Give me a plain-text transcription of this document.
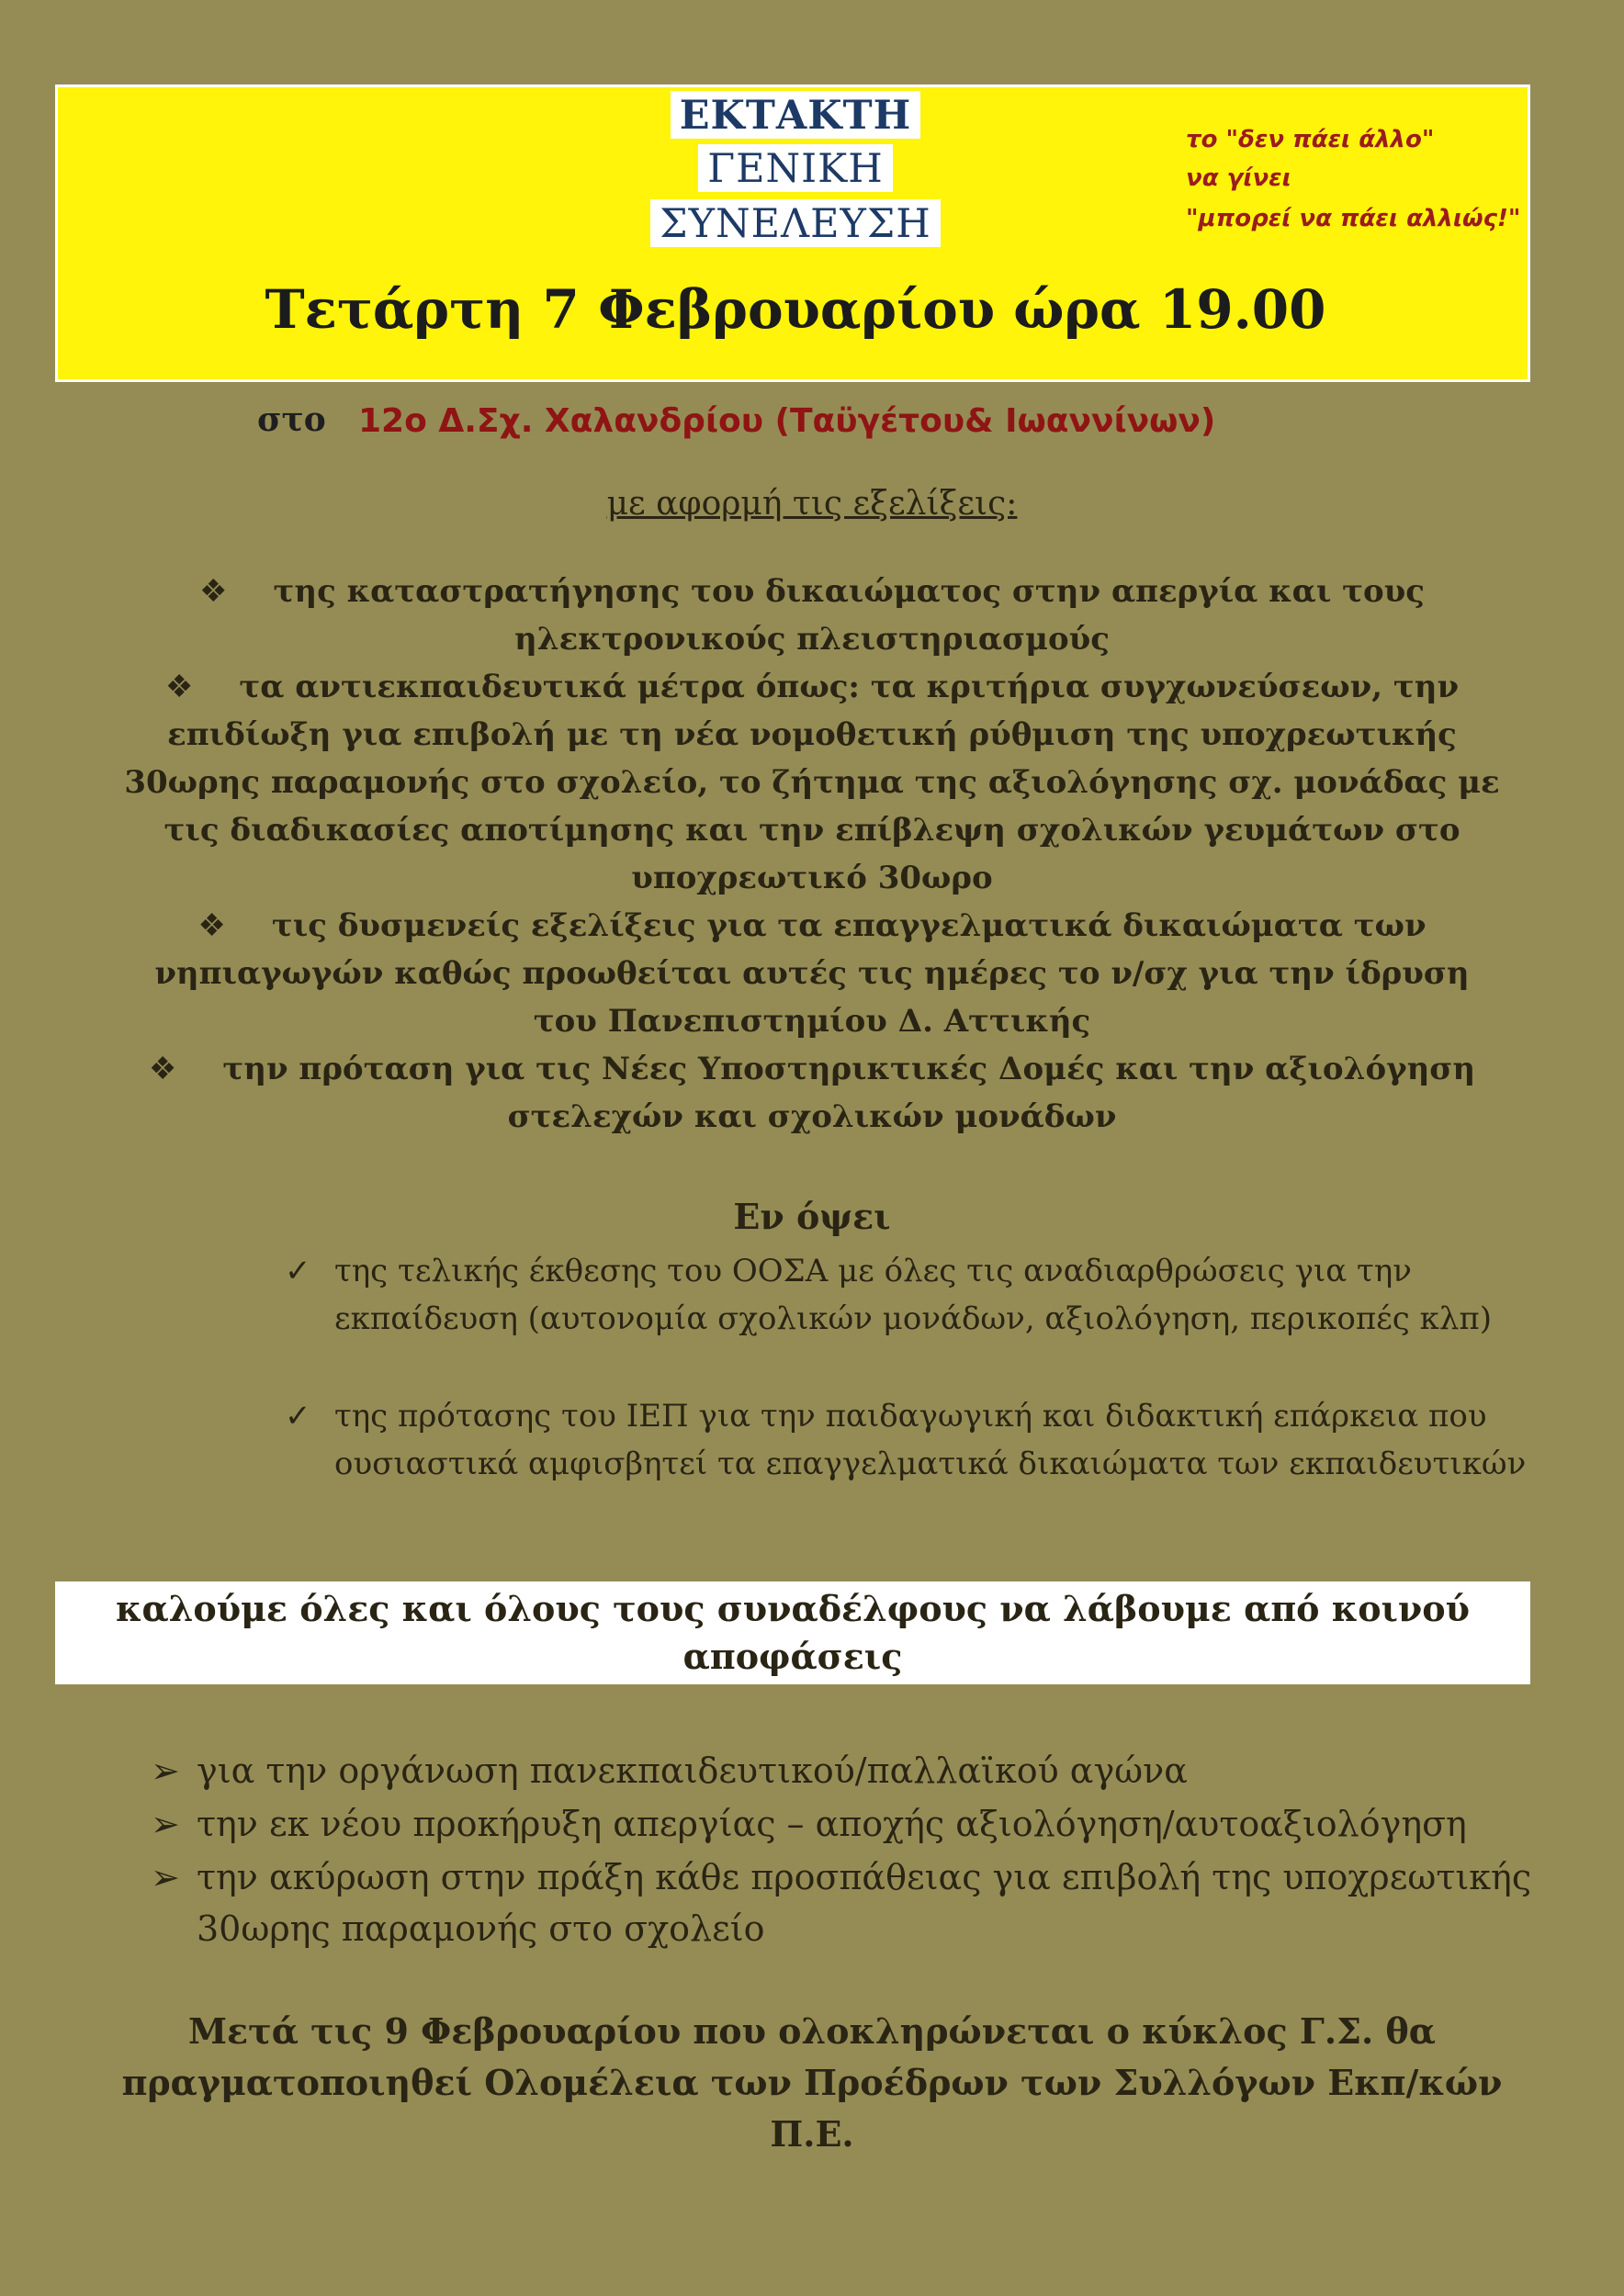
ΕΚΤΑΚΤΗ
ΓΕΝΙΚΗ
ΣΥΝΕΛΕΥΣΗ
το "δεν πάει άλλο"
να γίνει
"μπορεί να πάει αλλιώς!"
Τετάρτη 7 Φεβρουαρίου ώρα 19.00
στο 12ο Δ.Σχ. Χαλανδρίου (Ταϋγέτου& Ιωαννίνων)
με αφορμή τις εξελίξεις:
❖ της καταστρατήγησης του δικαιώματος στην απεργία και τους ηλεκτρονικούς πλειστηριασμούς
❖ τα αντιεκπαιδευτικά μέτρα όπως: τα κριτήρια συγχωνεύσεων, την επιδίωξη για επιβολή με τη νέα νομοθετική ρύθμιση της υποχρεωτικής 30ωρης παραμονής στο σχολείο, το ζήτημα της αξιολόγησης σχ. μονάδας με τις διαδικασίες αποτίμησης και την επίβλεψη σχολικών γευμάτων στο υποχρεωτικό 30ωρο
❖ τις δυσμενείς εξελίξεις για τα επαγγελματικά δικαιώματα των νηπιαγωγών καθώς προωθείται αυτές τις ημέρες το ν/σχ για την ίδρυση του Πανεπιστημίου Δ. Αττικής
❖ την πρόταση για τις Νέες Υποστηρικτικές Δομές και την αξιολόγηση στελεχών και σχολικών μονάδων
Εν όψει
✓ της τελικής έκθεσης του ΟΟΣΑ με όλες τις αναδιαρθρώσεις για την εκπαίδευση (αυτονομία σχολικών μονάδων, αξιολόγηση, περικοπές κλπ)
✓ της πρότασης του ΙΕΠ για την παιδαγωγική και διδακτική επάρκεια που ουσιαστικά αμφισβητεί τα επαγγελματικά δικαιώματα των εκπαιδευτικών
καλούμε όλες και όλους τους συναδέλφους να λάβουμε από κοινού αποφάσεις
➢ για την οργάνωση πανεκπαιδευτικού/παλλαϊκού αγώνα
➢ την εκ νέου προκήρυξη απεργίας – αποχής αξιολόγηση/αυτοαξιολόγηση
➢ την ακύρωση στην πράξη κάθε προσπάθειας για επιβολή της υποχρεωτικής 30ωρης παραμονής στο σχολείο
Μετά τις 9 Φεβρουαρίου που ολοκληρώνεται ο κύκλος Γ.Σ. θα πραγματοποιηθεί Ολομέλεια των Προέδρων των Συλλόγων Εκπ/κών Π.Ε.
